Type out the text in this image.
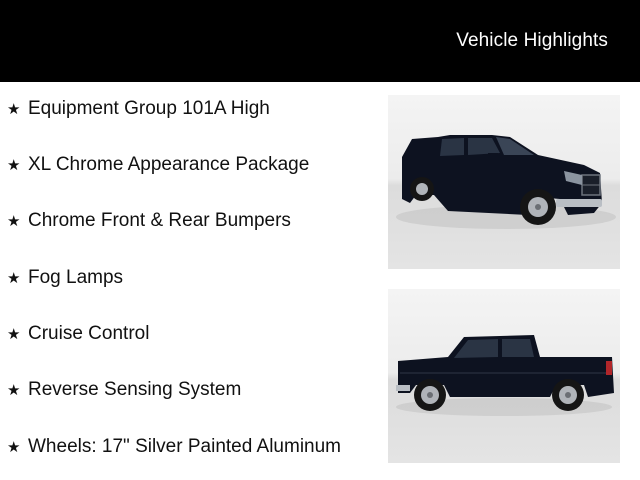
Vehicle Highlights
★ Equipment Group 101A High
★ XL Chrome Appearance Package
★ Chrome Front & Rear Bumpers
★ Fog Lamps
★ Cruise Control
★ Reverse Sensing System
★ Wheels: 17" Silver Painted Aluminum
